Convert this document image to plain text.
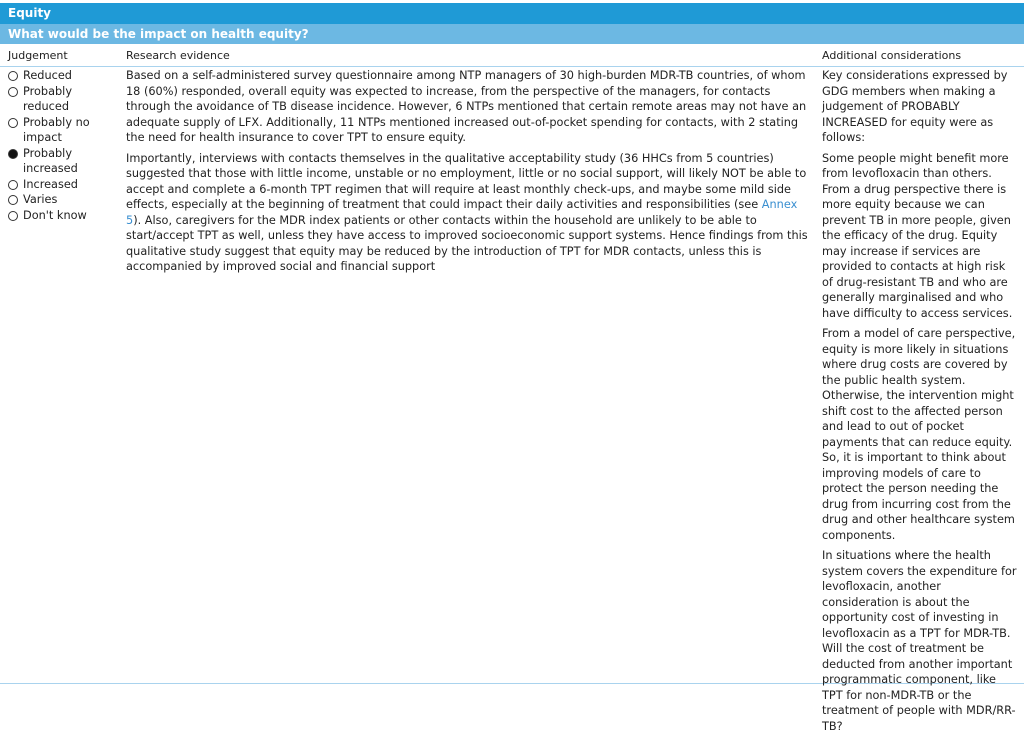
Equity
What would be the impact on health equity?
Judgement	Research evidence	Additional considerations
Reduced
Probably reduced
Probably no impact
Probably increased
Increased
Varies
Don't know

Based on a self-administered survey questionnaire among NTP managers of 30 high-burden MDR-TB countries, of whom 18 (60%) responded, overall equity was expected to increase, from the perspective of the managers, for contacts through the avoidance of TB disease incidence. However, 6 NTPs mentioned that certain remote areas may not have an adequate supply of LFX. Additionally, 11 NTPs mentioned increased out-of-pocket spending for contacts, with 2 stating the need for health insurance to cover TPT to ensure equity.

Importantly, interviews with contacts themselves in the qualitative acceptability study (36 HHCs from 5 countries) suggested that those with little income, unstable or no employment, little or no social support, will likely NOT be able to accept and complete a 6-month TPT regimen that will require at least monthly check-ups, and maybe some mild side effects, especially at the beginning of treatment that could impact their daily activities and responsibilities (see Annex 5). Also, caregivers for the MDR index patients or other contacts within the household are unlikely to be able to start/accept TPT as well, unless they have access to improved socioeconomic support systems. Hence findings from this qualitative study suggest that equity may be reduced by the introduction of TPT for MDR contacts, unless this is accompanied by improved social and financial support

Key considerations expressed by GDG members when making a judgement of PROBABLY INCREASED for equity were as follows:

Some people might benefit more from levofloxacin than others. From a drug perspective there is more equity because we can prevent TB in more people, given the efficacy of the drug. Equity may increase if services are provided to contacts at high risk of drug-resistant TB and who are generally marginalised and who have difficulty to access services.

From a model of care perspective, equity is more likely in situations where drug costs are covered by the public health system. Otherwise, the intervention might shift cost to the affected person and lead to out of pocket payments that can reduce equity. So, it is important to think about improving models of care to protect the person needing the drug from incurring cost from the drug and other healthcare system components.

In situations where the health system covers the expenditure for levofloxacin, another consideration is about the opportunity cost of investing in levofloxacin as a TPT for MDR-TB. Will the cost of treatment be deducted from another important programmatic component, like TPT for non-MDR-TB or the treatment of people with MDR/RR-TB?
